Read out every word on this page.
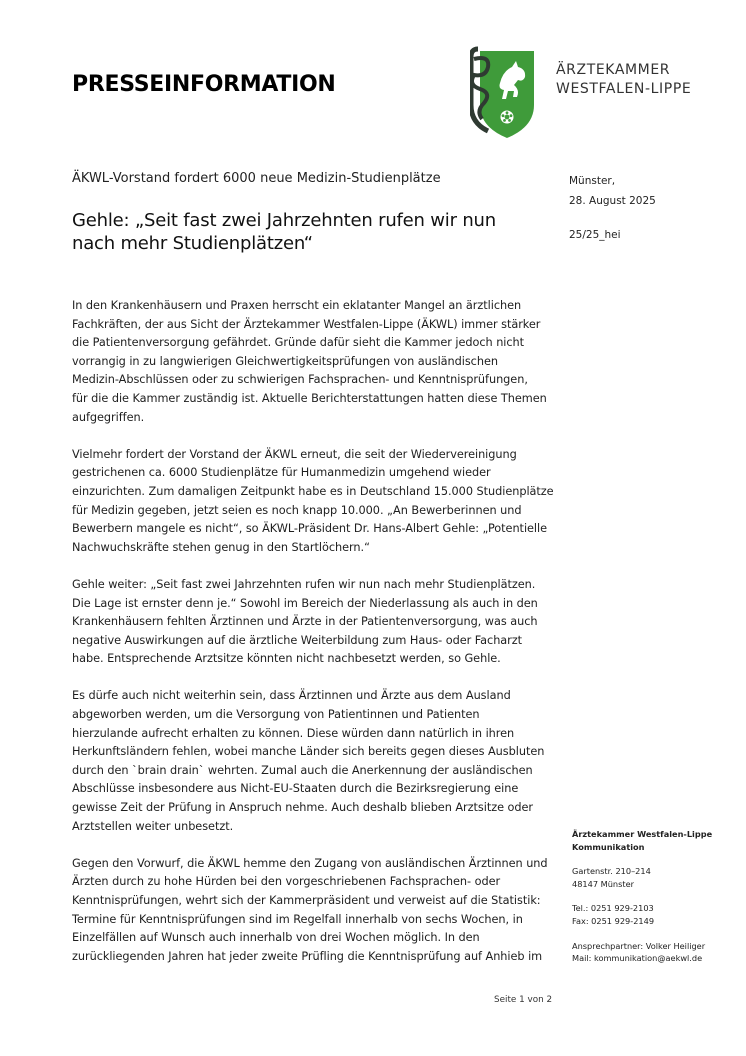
PRESSEINFORMATION
ÄRZTEKAMMER
WESTFALEN-LIPPE
ÄKWL-Vorstand fordert 6000 neue Medizin-Studienplätze
Gehle: „Seit fast zwei Jahrzehnten rufen wir nun
nach mehr Studienplätzen“
Münster,
28. August 2025
25/25_hei

In den Krankenhäusern und Praxen herrscht ein eklatanter Mangel an ärztlichen
Fachkräften, der aus Sicht der Ärztekammer Westfalen-Lippe (ÄKWL) immer stärker
die Patientenversorgung gefährdet. Gründe dafür sieht die Kammer jedoch nicht
vorrangig in zu langwierigen Gleichwertigkeitsprüfungen von ausländischen
Medizin-Abschlüssen oder zu schwierigen Fachsprachen- und Kenntnisprüfungen,
für die die Kammer zuständig ist. Aktuelle Berichterstattungen hatten diese Themen
aufgegriffen.

Vielmehr fordert der Vorstand der ÄKWL erneut, die seit der Wiedervereinigung
gestrichenen ca. 6000 Studienplätze für Humanmedizin umgehend wieder
einzurichten. Zum damaligen Zeitpunkt habe es in Deutschland 15.000 Studienplätze
für Medizin gegeben, jetzt seien es noch knapp 10.000. „An Bewerberinnen und
Bewerbern mangele es nicht“, so ÄKWL-Präsident Dr. Hans-Albert Gehle: „Potentielle
Nachwuchskräfte stehen genug in den Startlöchern.“

Gehle weiter: „Seit fast zwei Jahrzehnten rufen wir nun nach mehr Studienplätzen.
Die Lage ist ernster denn je.“ Sowohl im Bereich der Niederlassung als auch in den
Krankenhäusern fehlten Ärztinnen und Ärzte in der Patientenversorgung, was auch
negative Auswirkungen auf die ärztliche Weiterbildung zum Haus- oder Facharzt
habe. Entsprechende Arztsitze könnten nicht nachbesetzt werden, so Gehle.

Es dürfe auch nicht weiterhin sein, dass Ärztinnen und Ärzte aus dem Ausland
abgeworben werden, um die Versorgung von Patientinnen und Patienten
hierzulande aufrecht erhalten zu können. Diese würden dann natürlich in ihren
Herkunftsländern fehlen, wobei manche Länder sich bereits gegen dieses Ausbluten
durch den `brain drain` wehrten. Zumal auch die Anerkennung der ausländischen
Abschlüsse insbesondere aus Nicht-EU-Staaten durch die Bezirksregierung eine
gewisse Zeit der Prüfung in Anspruch nehme. Auch deshalb blieben Arztsitze oder
Arztstellen weiter unbesetzt.

Gegen den Vorwurf, die ÄKWL hemme den Zugang von ausländischen Ärztinnen und
Ärzten durch zu hohe Hürden bei den vorgeschriebenen Fachsprachen- oder
Kenntnisprüfungen, wehrt sich der Kammerpräsident und verweist auf die Statistik:
Termine für Kenntnisprüfungen sind im Regelfall innerhalb von sechs Wochen, in
Einzelfällen auf Wunsch auch innerhalb von drei Wochen möglich. In den
zurückliegenden Jahren hat jeder zweite Prüfling die Kenntnisprüfung auf Anhieb im

Ärztekammer Westfalen-Lippe
Kommunikation
Gartenstr. 210–214
48147 Münster
Tel.: 0251 929-2103
Fax: 0251 929-2149
Ansprechpartner: Volker Heiliger
Mail: kommunikation@aekwl.de
Seite 1 von 2
